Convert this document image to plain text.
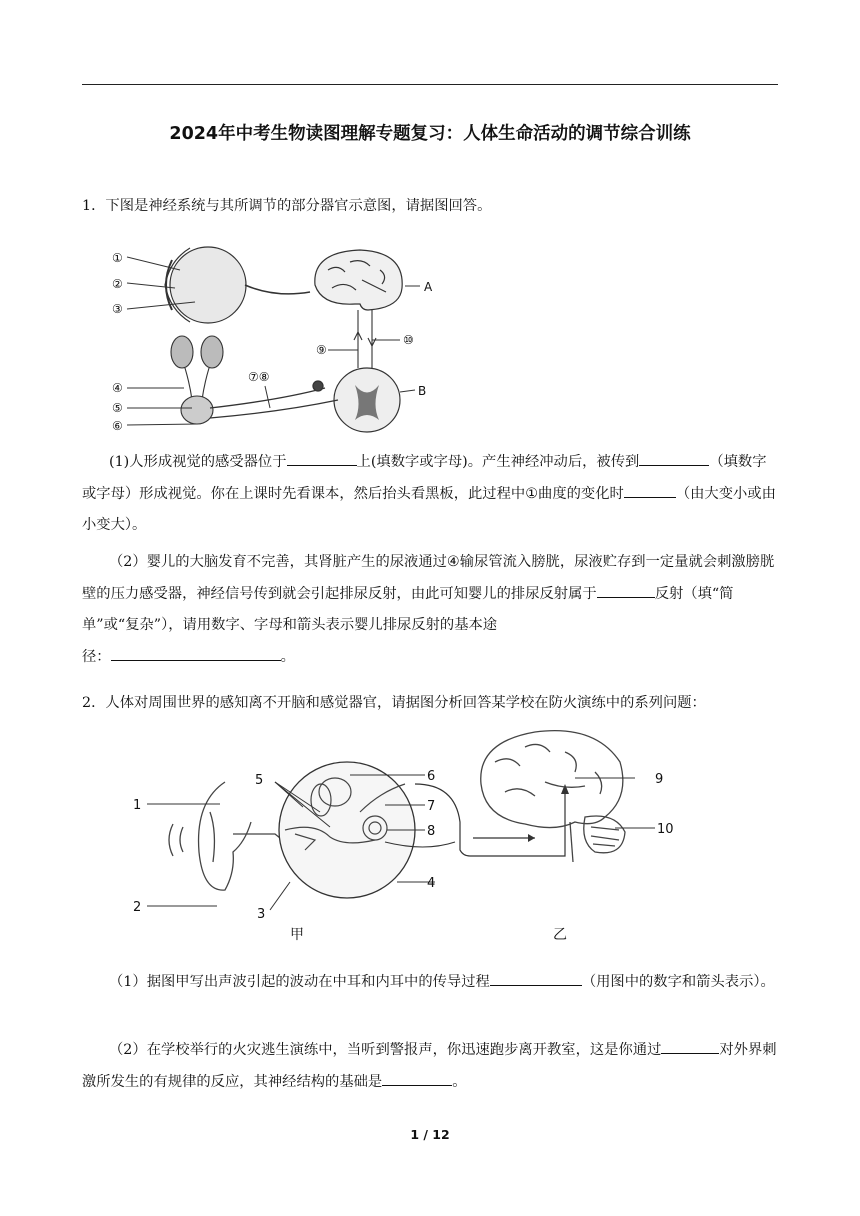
2024年中考生物读图理解专题复习：人体生命活动的调节综合训练
1．下图是神经系统与其所调节的部分器官示意图，请据图回答。
①
②
③
④
⑤
⑥
⑦⑧
⑨
⑩
A
B
(1)人形成视觉的感受器位于	上(填数字或字母)。产生神经冲动后，被传到	（填数字或字母）形成视觉。你在上课时先看课本，然后抬头看黑板，此过程中①曲度的变化时	（由大变小或由小变大）。
（2）婴儿的大脑发育不完善，其肾脏产生的尿液通过④输尿管流入膀胱，尿液贮存到一定量就会刺激膀胱壁的压力感受器，神经信号传到就会引起排尿反射，由此可知婴儿的排尿反射属于	反射（填“简单”或“复杂”），请用数字、字母和箭头表示婴儿排尿反射的基本途
径：	。
2．人体对周围世界的感知离不开脑和感觉器官，请据图分析回答某学校在防火演练中的系列问题：
1
2	3
4
5	6
7
8
9
10
甲	乙
（1）据图甲写出声波引起的波动在中耳和内耳中的传导过程	（用图中的数字和箭头表示）。
（2）在学校举行的火灾逃生演练中，当听到警报声，你迅速跑步离开教室，这是你通过	对外界刺激所发生的有规律的反应，其神经结构的基础是	。
1 / 12
